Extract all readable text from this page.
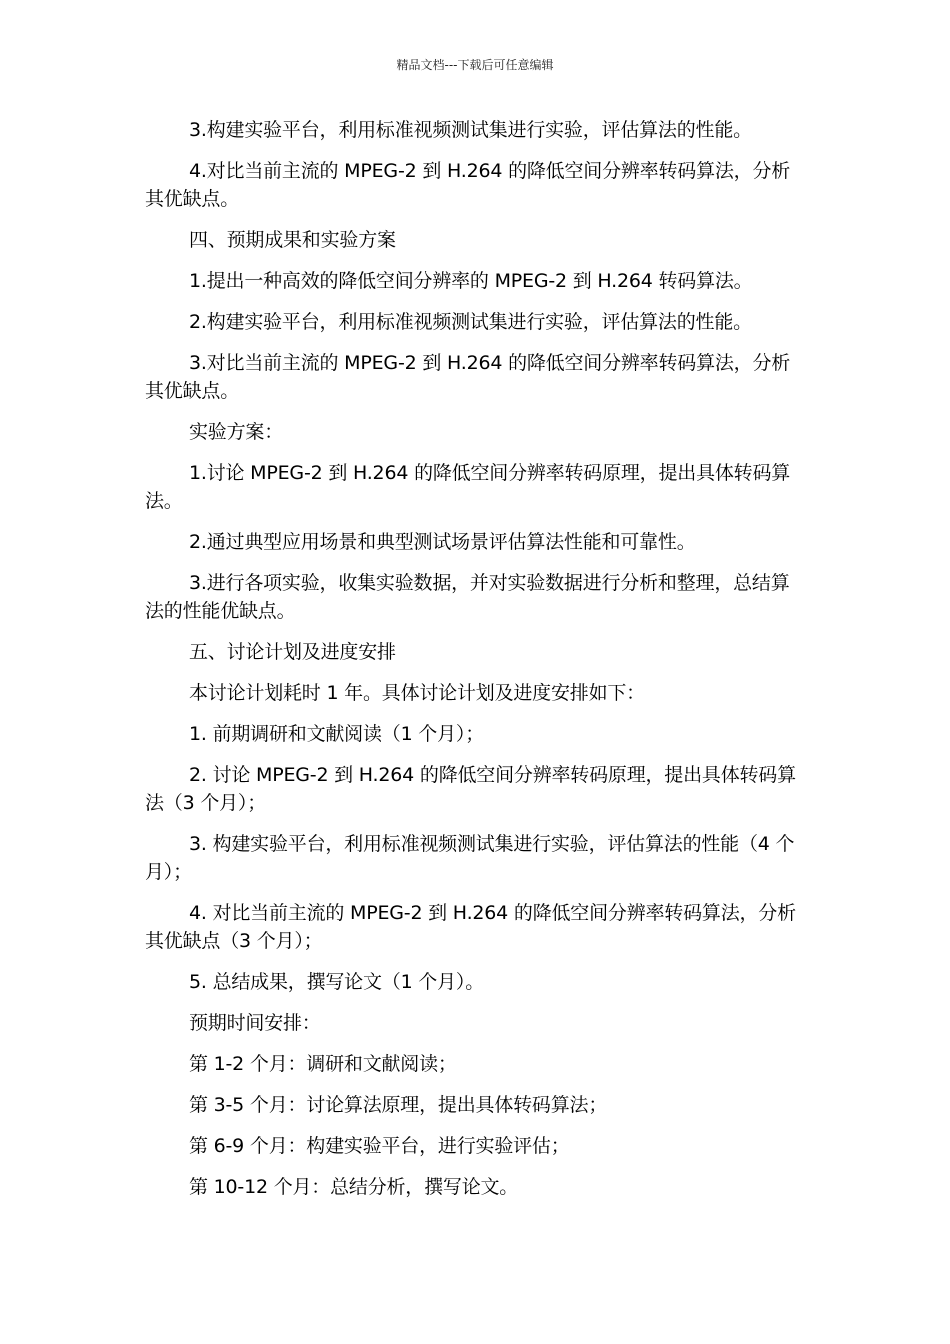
精品文档---下载后可任意编辑

3.构建实验平台，利用标准视频测试集进行实验，评估算法的性能。

4.对比当前主流的 MPEG-2 到 H.264 的降低空间分辨率转码算法，分析其优缺点。

四、预期成果和实验方案

1.提出一种高效的降低空间分辨率的 MPEG-2 到 H.264 转码算法。

2.构建实验平台，利用标准视频测试集进行实验，评估算法的性能。

3.对比当前主流的 MPEG-2 到 H.264 的降低空间分辨率转码算法，分析其优缺点。

实验方案：

1.讨论 MPEG-2 到 H.264 的降低空间分辨率转码原理，提出具体转码算法。

2.通过典型应用场景和典型测试场景评估算法性能和可靠性。

3.进行各项实验，收集实验数据，并对实验数据进行分析和整理，总结算法的性能优缺点。

五、讨论计划及进度安排

本讨论计划耗时 1 年。具体讨论计划及进度安排如下：

1. 前期调研和文献阅读（1 个月）；

2. 讨论 MPEG-2 到 H.264 的降低空间分辨率转码原理，提出具体转码算法（3 个月）；

3. 构建实验平台，利用标准视频测试集进行实验，评估算法的性能（4 个月）；

4. 对比当前主流的 MPEG-2 到 H.264 的降低空间分辨率转码算法，分析其优缺点（3 个月）；

5. 总结成果，撰写论文（1 个月）。

预期时间安排：

第 1-2 个月：调研和文献阅读；

第 3-5 个月：讨论算法原理，提出具体转码算法；

第 6-9 个月：构建实验平台，进行实验评估；

第 10-12 个月：总结分析，撰写论文。
